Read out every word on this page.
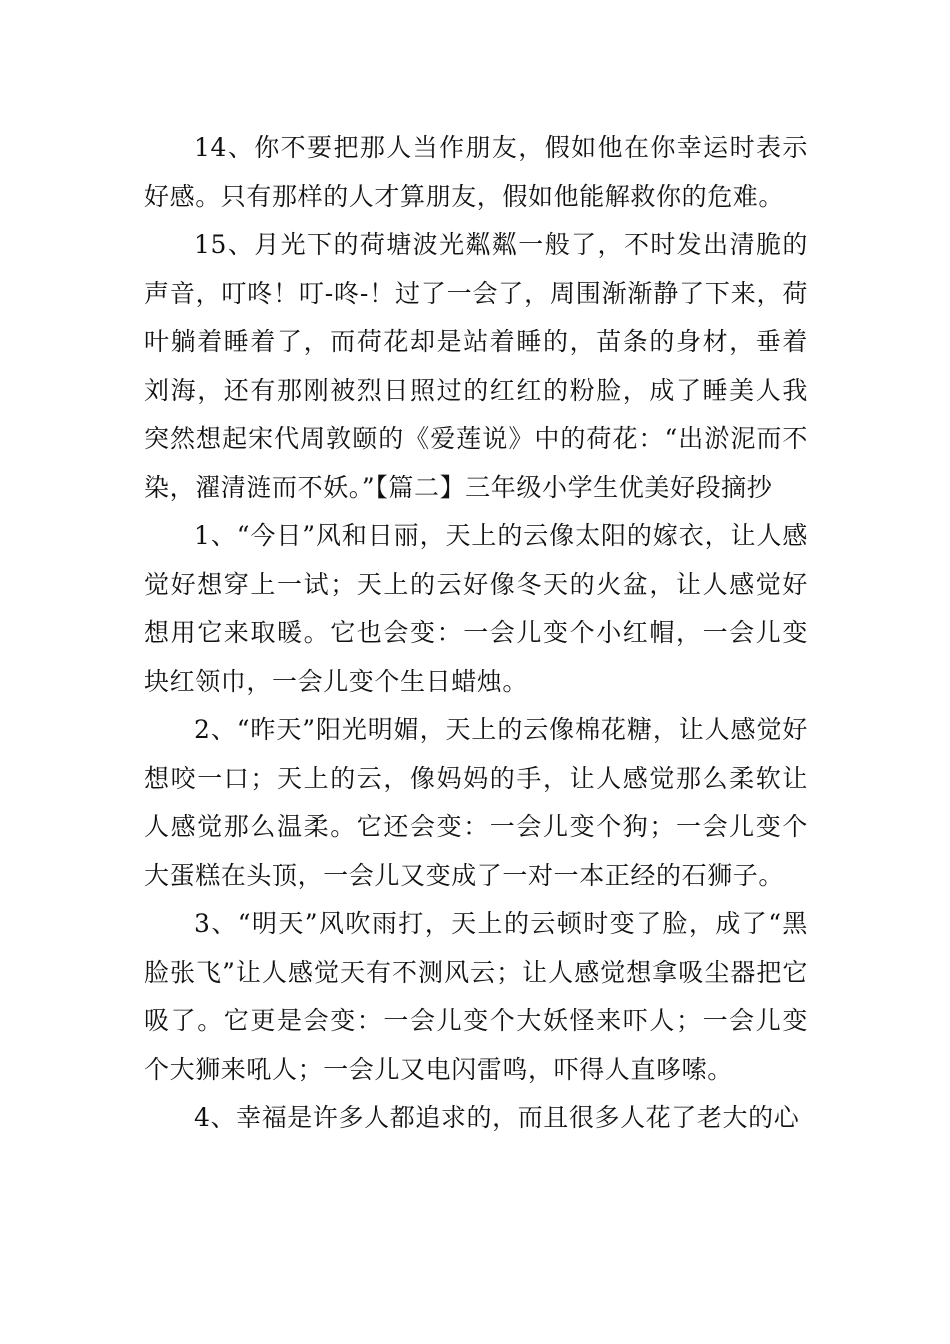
14、你不要把那人当作朋友，假如他在你幸运时表示好感。只有那样的人才算朋友，假如他能解救你的危难。

15、月光下的荷塘波光粼粼一般了，不时发出清脆的声音，叮咚！叮-咚-！过了一会了，周围渐渐静了下来，荷叶躺着睡着了，而荷花却是站着睡的，苗条的身材，垂着刘海，还有那刚被烈日照过的红红的粉脸，成了睡美人我突然想起宋代周敦颐的《爱莲说》中的荷花：“出淤泥而不染，濯清涟而不妖。”【篇二】三年级小学生优美好段摘抄

1、“今日”风和日丽，天上的云像太阳的嫁衣，让人感觉好想穿上一试；天上的云好像冬天的火盆，让人感觉好想用它来取暖。它也会变：一会儿变个小红帽，一会儿变块红领巾，一会儿变个生日蜡烛。

2、“昨天”阳光明媚，天上的云像棉花糖，让人感觉好想咬一口；天上的云，像妈妈的手，让人感觉那么柔软让人感觉那么温柔。它还会变：一会儿变个狗；一会儿变个大蛋糕在头顶，一会儿又变成了一对一本正经的石狮子。

3、“明天”风吹雨打，天上的云顿时变了脸，成了“黑脸张飞”让人感觉天有不测风云；让人感觉想拿吸尘器把它吸了。它更是会变：一会儿变个大妖怪来吓人；一会儿变个大狮来吼人；一会儿又电闪雷鸣，吓得人直哆嗦。

4、幸福是许多人都追求的，而且很多人花了老大的心
